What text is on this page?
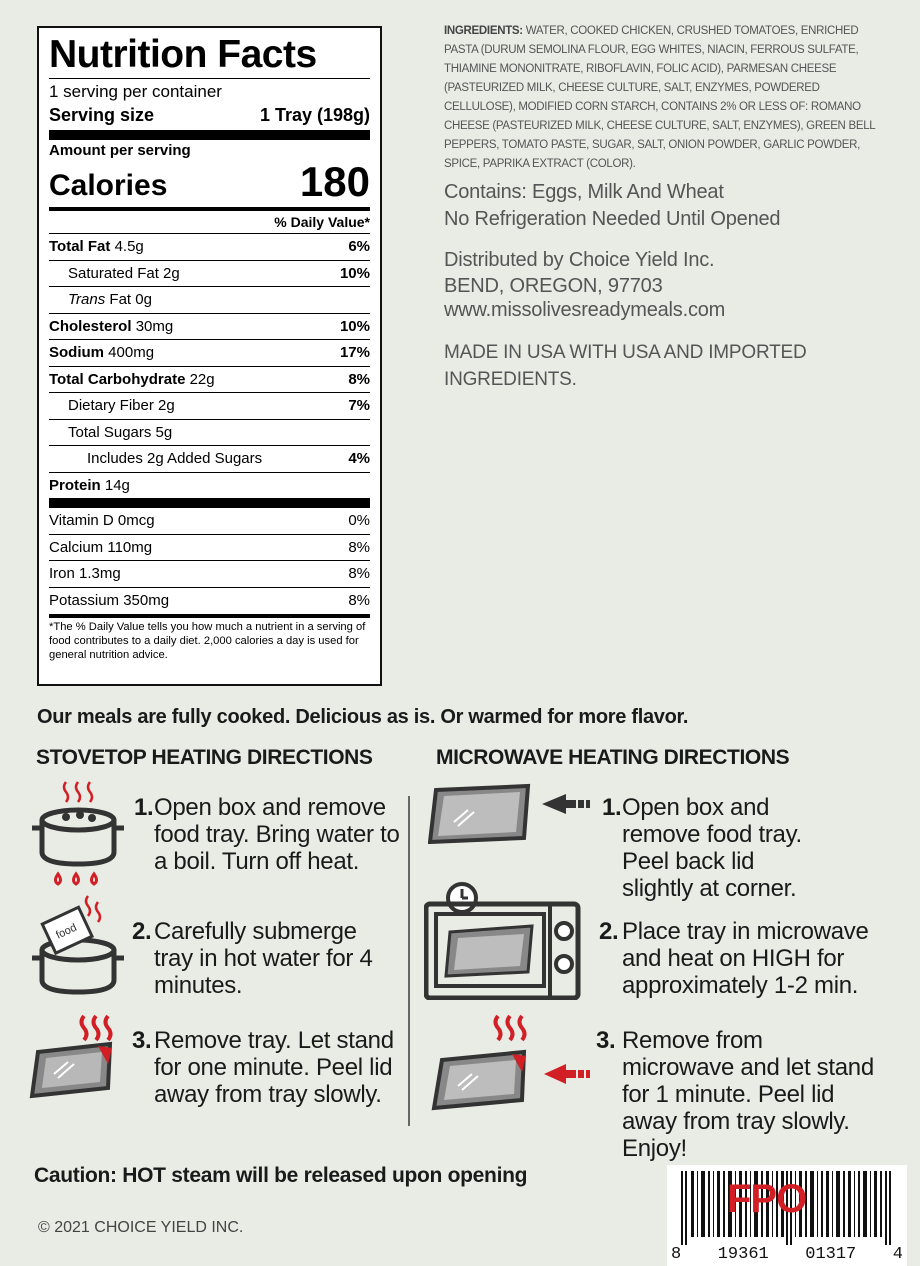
Nutrition Facts
1 serving per container
Serving size	1 Tray (198g)
Amount per serving
Calories	180
% Daily Value*
Total Fat 4.5g	6%
Saturated Fat 2g	10%
Trans Fat 0g
Cholesterol 30mg	10%
Sodium 400mg	17%
Total Carbohydrate 22g	8%
Dietary Fiber 2g	7%
Total Sugars 5g
Includes 2g Added Sugars	4%
Protein 14g
Vitamin D 0mcg	0%
Calcium 110mg	8%
Iron 1.3mg	8%
Potassium 350mg	8%
*The % Daily Value tells you how much a nutrient in a serving of food contributes to a daily diet. 2,000 calories a day is used for general nutrition advice.
INGREDIENTS: WATER, COOKED CHICKEN, CRUSHED TOMATOES, ENRICHED PASTA (DURUM SEMOLINA FLOUR, EGG WHITES, NIACIN, FERROUS SULFATE, THIAMINE MONONITRATE, RIBOFLAVIN, FOLIC ACID), PARMESAN CHEESE (PASTEURIZED MILK, CHEESE CULTURE, SALT, ENZYMES, POWDERED CELLULOSE), MODIFIED CORN STARCH, CONTAINS 2% OR LESS OF: ROMANO CHEESE (PASTEURIZED MILK, CHEESE CULTURE, SALT, ENZYMES), GREEN BELL PEPPERS, TOMATO PASTE, SUGAR, SALT, ONION POWDER, GARLIC POWDER, SPICE, PAPRIKA EXTRACT (COLOR).
Contains: Eggs, Milk And Wheat
No Refrigeration Needed Until Opened
Distributed by Choice Yield Inc.
BEND, OREGON, 97703
www.missolivesreadymeals.com
MADE IN USA WITH USA AND IMPORTED INGREDIENTS.
Our meals are fully cooked. Delicious as is. Or warmed for more flavor.
STOVETOP HEATING DIRECTIONS	MICROWAVE HEATING DIRECTIONS
food
1. Open box and remove food tray. Bring water to a boil. Turn off heat.
2. Carefully submerge tray in hot water for 4 minutes.
3. Remove tray. Let stand for one minute. Peel lid away from tray slowly.
1. Open box and remove food tray. Peel back lid slightly at corner.
2. Place tray in microwave and heat on HIGH for approximately 1-2 min.
3. Remove from microwave and let stand for 1 minute. Peel lid away from tray slowly. Enjoy!
Caution: HOT steam will be released upon opening
© 2021 CHOICE YIELD INC.
FPO
8 19361 01317 4
